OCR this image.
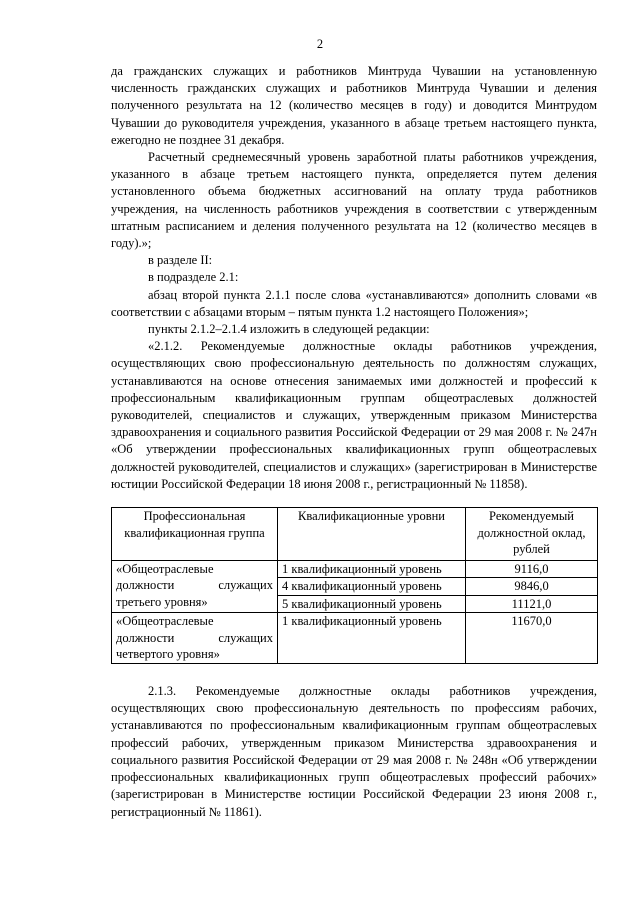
2

да гражданских служащих и работников Минтруда Чувашии на установленную численность гражданских служащих и работников Минтруда Чувашии и деления полученного результата на 12 (количество месяцев в году) и доводится Минтрудом Чувашии до руководителя учреждения, указанного в абзаце третьем настоящего пункта, ежегодно не позднее 31 декабря.

Расчетный среднемесячный уровень заработной платы работников учреждения, указанного в абзаце третьем настоящего пункта, определяется путем деления установленного объема бюджетных ассигнований на оплату труда работников учреждения, на численность работников учреждения в соответствии с утвержденным штатным расписанием и деления полученного результата на 12 (количество месяцев в году).»;

в разделе II:

в подразделе 2.1:

абзац второй пункта 2.1.1 после слова «устанавливаются» дополнить словами «в соответствии с абзацами вторым – пятым пункта 1.2 настоящего Положения»;

пункты 2.1.2–2.1.4 изложить в следующей редакции:

«2.1.2. Рекомендуемые должностные оклады работников учреждения, осуществляющих свою профессиональную деятельность по должностям служащих, устанавливаются на основе отнесения занимаемых ими должностей и профессий к профессиональным квалификационным группам общеотраслевых должностей руководителей, специалистов и служащих, утвержденным приказом Министерства здравоохранения и социального развития Российской Федерации от 29 мая 2008 г. № 247н «Об утверждении профессиональных квалификационных групп общеотраслевых должностей руководителей, специалистов и служащих» (зарегистрирован в Министерстве юстиции Российской Федерации 18 июня 2008 г., регистрационный № 11858).

Профессиональная квалификационная группа	Квалификационные уровни	Рекомендуемый должностной оклад, рублей
«Общеотраслевые должности служащих третьего уровня»	1 квалификационный уровень	9116,0
	4 квалификационный уровень	9846,0
	5 квалификационный уровень	11121,0
«Общеотраслевые должности служащих четвертого уровня»	1 квалификационный уровень	11670,0

2.1.3. Рекомендуемые должностные оклады работников учреждения, осуществляющих свою профессиональную деятельность по профессиям рабочих, устанавливаются по профессиональным квалификационным группам общеотраслевых профессий рабочих, утвержденным приказом Министерства здравоохранения и социального развития Российской Федерации от 29 мая 2008 г. № 248н «Об утверждении профессиональных квалификационных групп общеотраслевых профессий рабочих» (зарегистрирован в Министерстве юстиции Российской Федерации 23 июня 2008 г., регистрационный № 11861).
